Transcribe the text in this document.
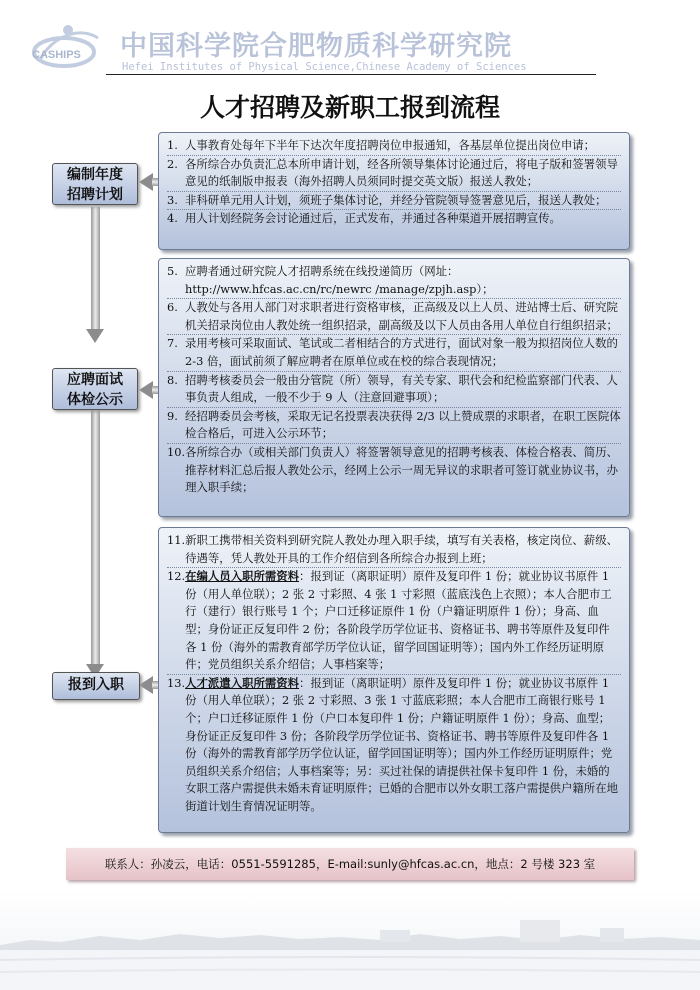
CASHIPS 中国科学院合肥物质科学研究院
Hefei Institutes of Physical Science,Chinese Academy of Sciences
人才招聘及新职工报到流程
编制年度
招聘计划
1. 人事教育处每年下半年下达次年度招聘岗位申报通知，各基层单位提出岗位申请；
2. 各所综合办负责汇总本所申请计划，经各所领导集体讨论通过后，将电子版和签署领导意见的纸制版申报表（海外招聘人员须同时提交英文版）报送人教处；
3. 非科研单元用人计划，须班子集体讨论，并经分管院领导签署意见后，报送人教处；
4. 用人计划经院务会讨论通过后，正式发布，并通过各种渠道开展招聘宣传。
应聘面试
体检公示
5. 应聘者通过研究院人才招聘系统在线投递简历（网址：http://www.hfcas.ac.cn/rc/newrc /manage/zpjh.asp）；
6. 人教处与各用人部门对求职者进行资格审核，正高级及以上人员、进站博士后、研究院机关招录岗位由人教处统一组织招录，副高级及以下人员由各用人单位自行组织招录；
7. 录用考核可采取面试、笔试或二者相结合的方式进行，面试对象一般为拟招岗位人数的 2-3 倍，面试前须了解应聘者在原单位或在校的综合表现情况；
8. 招聘考核委员会一般由分管院（所）领导，有关专家、职代会和纪检监察部门代表、人事负责人组成，一般不少于 9 人（注意回避事项）；
9. 经招聘委员会考核，采取无记名投票表决获得 2/3 以上赞成票的求职者，在职工医院体检合格后，可进入公示环节；
10. 各所综合办（或相关部门负责人）将签署领导意见的招聘考核表、体检合格表、简历、推荐材料汇总后报人教处公示，经网上公示一周无异议的求职者可签订就业协议书，办理入职手续；
报到入职
11. 新职工携带相关资料到研究院人教处办理入职手续，填写有关表格，核定岗位、薪级、待遇等，凭人教处开具的工作介绍信到各所综合办报到上班；
12. 在编人员入职所需资料：报到证（离职证明）原件及复印件 1 份；就业协议书原件 1 份（用人单位联）；2 张 2 寸彩照、4 张 1 寸彩照（蓝底浅色上衣照）；本人合肥市工行（建行）银行账号 1 个；户口迁移证原件 1 份（户籍证明原件 1 份）；身高、血型；身份证正反复印件 2 份；各阶段学历学位证书、资格证书、聘书等原件及复印件各 1 份（海外的需教育部学历学位认证，留学回国证明等）；国内外工作经历证明原件；党员组织关系介绍信；人事档案等；
13. 人才派遣入职所需资料：报到证（离职证明）原件及复印件 1 份；就业协议书原件 1 份（用人单位联）；2 张 2 寸彩照、3 张 1 寸蓝底彩照；本人合肥市工商银行账号 1 个；户口迁移证原件 1 份（户口本复印件 1 份；户籍证明原件 1 份）；身高、血型；身份证正反复印件 3 份；各阶段学历学位证书、资格证书、聘书等原件及复印件各 1 份（海外的需教育部学历学位认证，留学回国证明等）；国内外工作经历证明原件；党员组织关系介绍信；人事档案等；另：买过社保的请提供社保卡复印件 1 份，未婚的女职工落户需提供未婚未育证明原件；已婚的合肥市以外女职工落户需提供户籍所在地街道计划生育情况证明等。
联系人：孙凌云，电话：0551-5591285，E-mail:sunly@hfcas.ac.cn，地点：2 号楼 323 室
